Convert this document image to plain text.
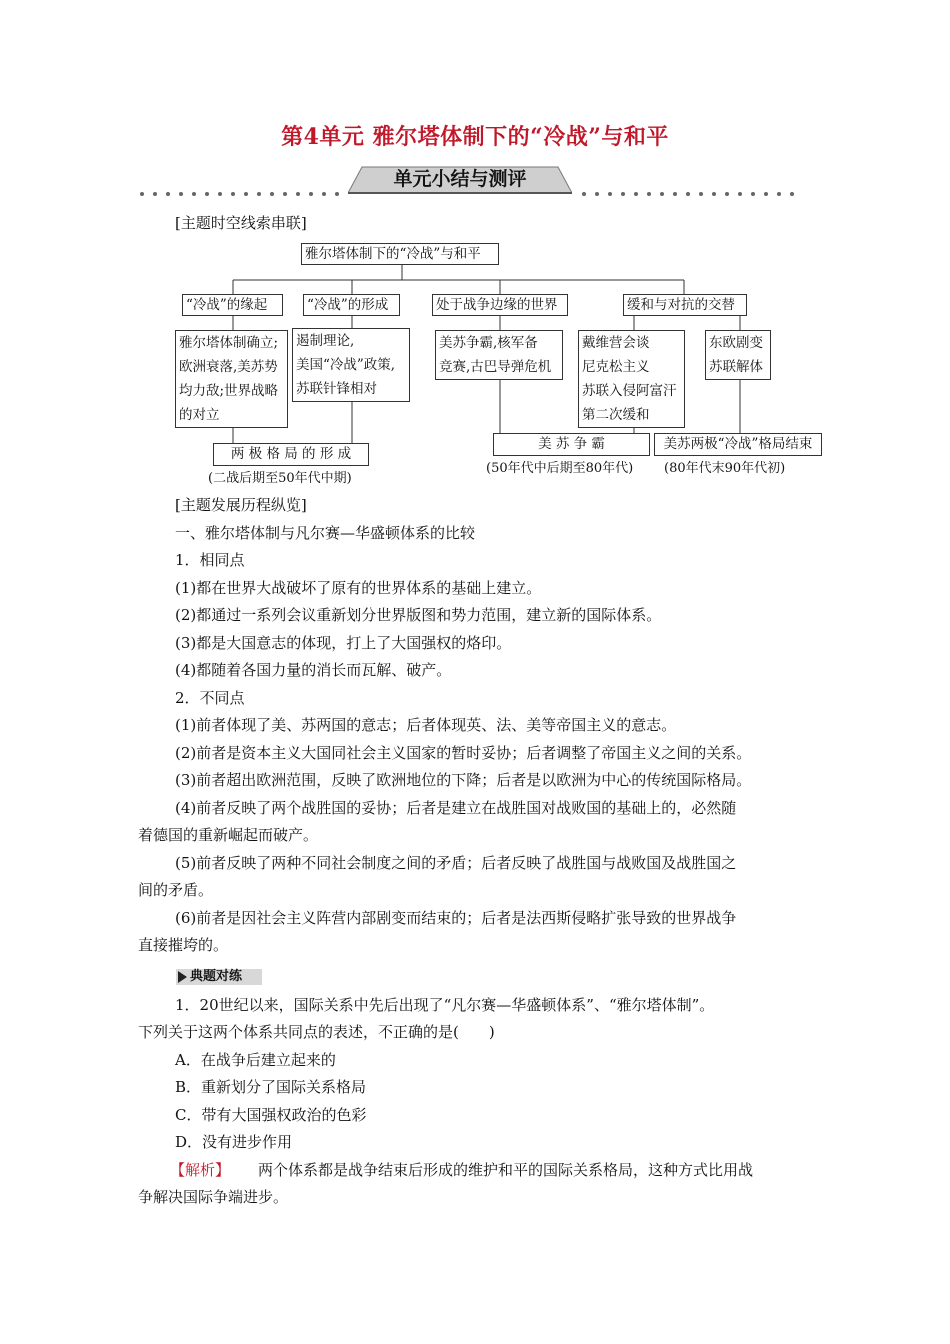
第4单元 雅尔塔体制下的“冷战”与和平
单元小结与测评
[主题时空线索串联]
雅尔塔体制下的“冷战”与和平
“冷战”的缘起	“冷战”的形成	处于战争边缘的世界	缓和与对抗的交替
雅尔塔体制确立;
欧洲衰落,美苏势
均力敌;世界战略
的对立
遏制理论,
美国“冷战”政策,
苏联针锋相对
美苏争霸,核军备
竞赛,古巴导弹危机
戴维营会谈
尼克松主义
苏联入侵阿富汗
第二次缓和
东欧剧变
苏联解体
两 极 格 局 的 形 成
(二战后期至50年代中期)
美 苏 争 霸
(50年代中后期至80年代)
美苏两极“冷战”格局结束
(80年代末90年代初)
[主题发展历程纵览]
一、雅尔塔体制与凡尔赛—华盛顿体系的比较
1．相同点
(1)都在世界大战破坏了原有的世界体系的基础上建立。
(2)都通过一系列会议重新划分世界版图和势力范围，建立新的国际体系。
(3)都是大国意志的体现，打上了大国强权的烙印。
(4)都随着各国力量的消长而瓦解、破产。
2．不同点
(1)前者体现了美、苏两国的意志；后者体现英、法、美等帝国主义的意志。
(2)前者是资本主义大国同社会主义国家的暂时妥协；后者调整了帝国主义之间的关系。
(3)前者超出欧洲范围，反映了欧洲地位的下降；后者是以欧洲为中心的传统国际格局。
(4)前者反映了两个战胜国的妥协；后者是建立在战胜国对战败国的基础上的，必然随
着德国的重新崛起而破产。
(5)前者反映了两种不同社会制度之间的矛盾；后者反映了战胜国与战败国及战胜国之
间的矛盾。
(6)前者是因社会主义阵营内部剧变而结束的；后者是法西斯侵略扩张导致的世界战争
直接摧垮的。
典题对练
1．20世纪以来，国际关系中先后出现了“凡尔赛—华盛顿体系”、“雅尔塔体制”。
下列关于这两个体系共同点的表述，不正确的是(　　)
A．在战争后建立起来的
B．重新划分了国际关系格局
C．带有大国强权政治的色彩
D．没有进步作用
【解析】 两个体系都是战争结束后形成的维护和平的国际关系格局，这种方式比用战
争解决国际争端进步。
